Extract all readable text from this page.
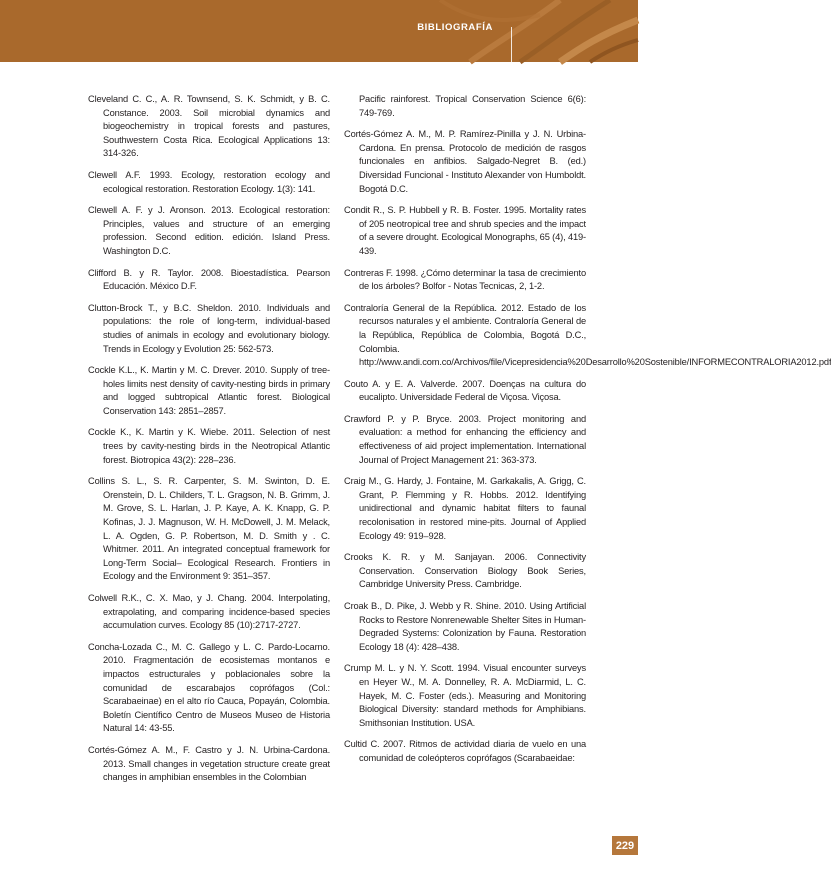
BIBLIOGRAFÍA

Cleveland C. C., A. R. Townsend, S. K. Schmidt, y B. C. Constance. 2003. Soil microbial dynamics and biogeochemistry in tropical forests and pastures, Southwestern Costa Rica. Ecological Applications 13: 314-326.

Clewell A.F. 1993. Ecology, restoration ecology and ecological restoration. Restoration Ecology. 1(3): 141.

Clewell A. F. y J. Aronson. 2013. Ecological restoration: Principles, values and structure of an emerging profession. Second edition. edición. Island Press. Washington D.C.

Clifford B. y R. Taylor. 2008. Bioestadística. Pearson Educación. México D.F.

Clutton-Brock T., y B.C. Sheldon. 2010. Individuals and populations: the role of long-term, individual-based studies of animals in ecology and evolutionary biology. Trends in Ecology y Evolution 25: 562-573.

Cockle K.L., K. Martin y M. C. Drever. 2010. Supply of tree-holes limits nest density of cavity-nesting birds in primary and logged subtropical Atlantic forest. Biological Conservation 143: 2851–2857.

Cockle K., K. Martin y K. Wiebe. 2011. Selection of nest trees by cavity-nesting birds in the Neotropical Atlantic forest. Biotropica 43(2): 228–236.

Collins S. L., S. R. Carpenter, S. M. Swinton, D. E. Orenstein, D. L. Childers, T. L. Gragson, N. B. Grimm, J. M. Grove, S. L. Harlan, J. P. Kaye, A. K. Knapp, G. P. Kofinas, J. J. Magnuson, W. H. McDowell, J. M. Melack, L. A. Ogden, G. P. Robertson, M. D. Smith y . C. Whitmer. 2011. An integrated conceptual framework for Long-Term Social– Ecological Research. Frontiers in Ecology and the Environment 9: 351–357.

Colwell R.K., C. X. Mao, y J. Chang. 2004. Interpolating, extrapolating, and comparing incidence-based species accumulation curves. Ecology 85 (10):2717-2727.

Concha-Lozada C., M. C. Gallego y L. C. Pardo-Locarno. 2010. Fragmentación de ecosistemas montanos e impactos estructurales y poblacionales sobre la comunidad de escarabajos coprófagos (Col.: Scarabaeinae) en el alto río Cauca, Popayán, Colombia. Boletín Científico Centro de Museos Museo de Historia Natural 14: 43-55.

Cortés-Gómez A. M., F. Castro y J. N. Urbina-Cardona. 2013. Small changes in vegetation structure create great changes in amphibian ensembles in the Colombian

Pacific rainforest. Tropical Conservation Science 6(6): 749-769.

Cortés-Gómez A. M., M. P. Ramírez-Pinilla y J. N. Urbina-Cardona. En prensa. Protocolo de medición de rasgos funcionales en anfibios. Salgado-Negret B. (ed.) Diversidad Funcional - Instituto Alexander von Humboldt. Bogotá D.C.

Condit R., S. P. Hubbell y R. B. Foster. 1995. Mortality rates of 205 neotropical tree and shrub species and the impact of a severe drought. Ecological Monographs, 65 (4), 419-439.

Contreras F. 1998. ¿Cómo determinar la tasa de crecimiento de los árboles? Bolfor - Notas Tecnicas, 2, 1-2.

Contraloría General de la República. 2012. Estado de los recursos naturales y el ambiente. Contraloría General de la República, República de Colombia, Bogotá D.C., Colombia. http://www.andi.com.co/Archivos/file/Vicepresidencia%20Desarrollo%20Sostenible/INFORMECONTRALORIA2012.pdf

Couto A. y E. A. Valverde. 2007. Doenças na cultura do eucalipto. Universidade Federal de Viçosa. Viçosa.

Crawford P. y P. Bryce. 2003. Project monitoring and evaluation: a method for enhancing the efficiency and effectiveness of aid project implementation. International Journal of Project Management 21: 363-373.

Craig M., G. Hardy, J. Fontaine, M. Garkakalis, A. Grigg, C. Grant, P. Flemming y R. Hobbs. 2012. Identifying unidirectional and dynamic habitat filters to faunal recolonisation in restored mine-pits. Journal of Applied Ecology 49: 919–928.

Crooks K. R. y M. Sanjayan. 2006. Connectivity Conservation. Conservation Biology Book Series, Cambridge University Press. Cambridge.

Croak B., D. Pike, J. Webb y R. Shine. 2010. Using Artificial Rocks to Restore Nonrenewable Shelter Sites in Human-Degraded Systems: Colonization by Fauna. Restoration Ecology 18 (4): 428–438.

Crump M. L. y N. Y. Scott. 1994. Visual encounter surveys en Heyer W., M. A. Donnelley, R. A. McDiarmid, L. C. Hayek, M. C. Foster (eds.). Measuring and Monitoring Biological Diversity: standard methods for Amphibians. Smithsonian Institution. USA.

Cultid C. 2007. Ritmos de actividad diaria de vuelo en una comunidad de coleópteros coprófagos (Scarabaeidae:

229
